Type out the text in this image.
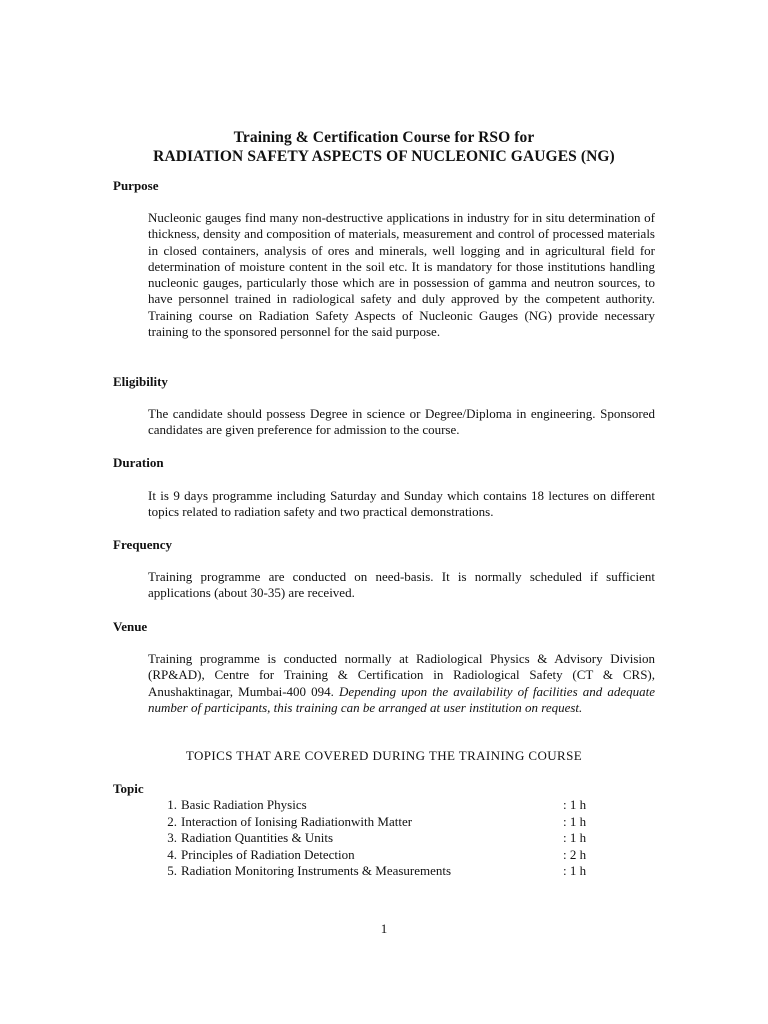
Training & Certification Course for RSO for
RADIATION SAFETY ASPECTS OF NUCLEONIC GAUGES (NG)
Purpose
Nucleonic gauges find many non-destructive applications in industry for in situ determination of thickness, density and composition of materials, measurement and control of processed materials in closed containers, analysis of ores and minerals, well logging and in agricultural field for determination of moisture content in the soil etc. It is mandatory for those institutions handling nucleonic gauges, particularly those which are in possession of gamma and neutron sources, to have personnel trained in radiological safety and duly approved by the competent authority. Training course on Radiation Safety Aspects of Nucleonic Gauges (NG) provide necessary training to the sponsored personnel for the said purpose.
Eligibility
The candidate should possess Degree in science or Degree/Diploma in engineering. Sponsored candidates are given preference for admission to the course.
Duration
It is 9 days programme including Saturday and Sunday which contains 18 lectures on different topics related to radiation safety and two practical demonstrations.
Frequency
Training programme are conducted on need-basis. It is normally scheduled if sufficient applications (about 30-35) are received.
Venue
Training programme is conducted normally at Radiological Physics & Advisory Division (RP&AD), Centre for Training & Certification in Radiological Safety (CT & CRS), Anushaktinagar, Mumbai-400 094. Depending upon the availability of facilities and adequate number of participants, this training can be arranged at user institution on request.
TOPICS THAT ARE COVERED DURING THE TRAINING COURSE
Topic
1. Basic Radiation Physics	: 1 h
2. Interaction of Ionising Radiationwith Matter	: 1 h
3. Radiation Quantities & Units	: 1 h
4. Principles of Radiation Detection	: 2 h
5. Radiation Monitoring Instruments & Measurements	: 1 h
1
